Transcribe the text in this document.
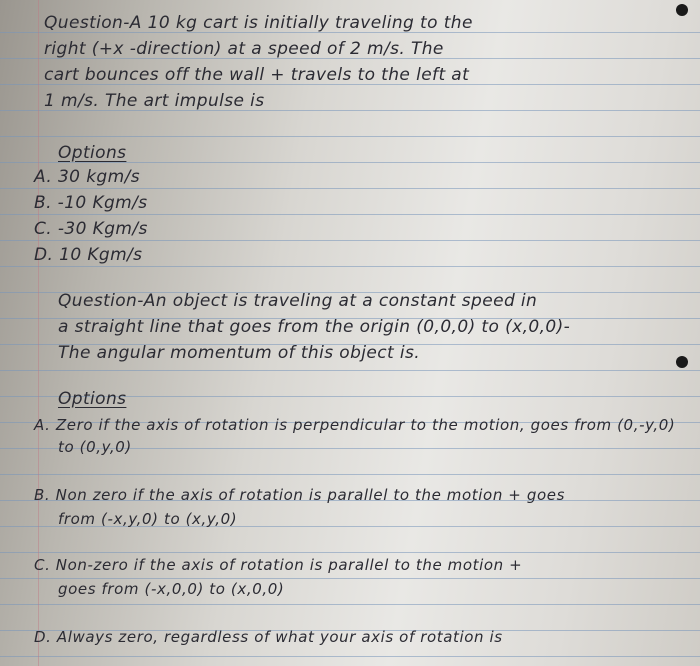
Question-A 10 kg cart is initially traveling to the

right (+x -direction) at a speed of 2 m/s. The

cart bounces off the wall + travels to the left at

1 m/s. The art impulse is

Options

A. 30 kgm/s

B. -10 Kgm/s

C. -30 Kgm/s

D. 10 Kgm/s

Question-An object is traveling at a constant speed in

a straight line that goes from the origin (0,0,0) to (x,0,0)-

The angular momentum of this object is.

Options

A. Zero if the axis of rotation is perpendicular to the motion, goes from (0,-y,0)

to (0,y,0)

B. Non zero if the axis of rotation is parallel to the motion + goes

from (-x,y,0) to (x,y,0)

C. Non-zero if the axis of rotation is parallel to the motion +

goes from (-x,0,0) to (x,0,0)

D. Always zero, regardless of what your axis of rotation is
